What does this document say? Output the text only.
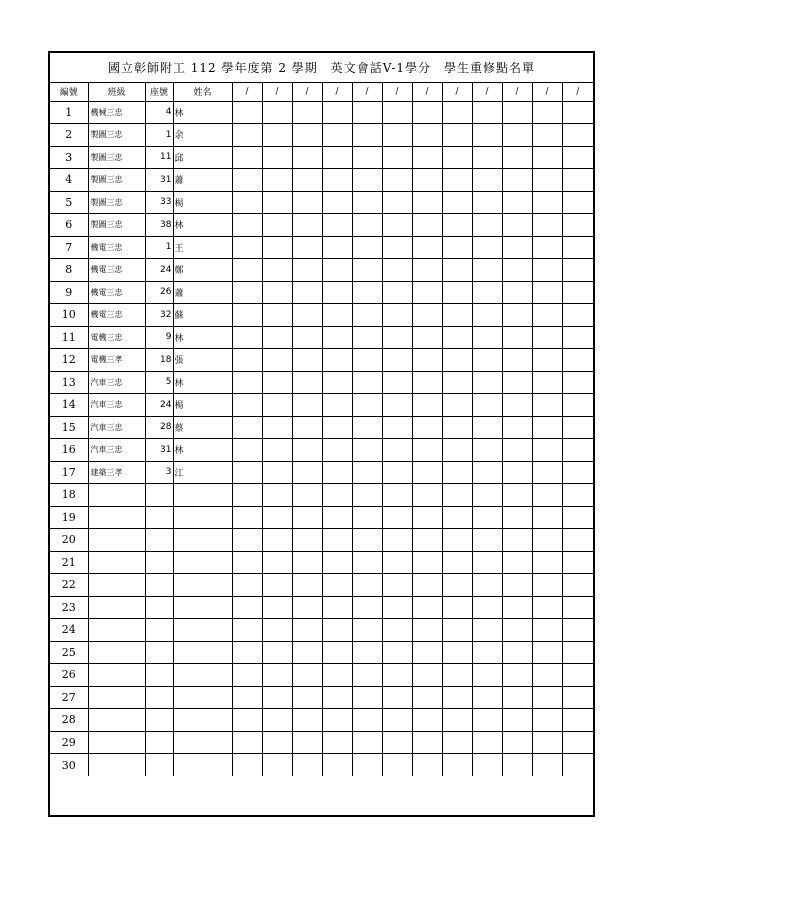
國立彰師附工 112 學年度第 2 學期　英文會話V-1學分　學生重修點名單
編號	班級	座號	姓名	/	/	/	/	/	/	/	/	/	/	/	/
1	機械三忠	4	林

2	製圖三忠	1	余

3	製圖三忠	11	邱

4	製圖三忠	31	蕭

5	製圖三忠	33	楊

6	製圖三忠	38	林

7	機電三忠	1	王

8	機電三忠	24	鄭

9	機電三忠	26	蕭

10	機電三忠	32	蘇

11	電機三忠	9	林

12	電機三孝	18	張

13	汽車三忠	5	林

14	汽車三忠	24	楊

15	汽車三忠	28	蔡

16	汽車三忠	31	林

17	建築三孝	3	江

18			

19			

20			

21			

22			

23			

24			

25			

26			

27			

28			

29			

30			
